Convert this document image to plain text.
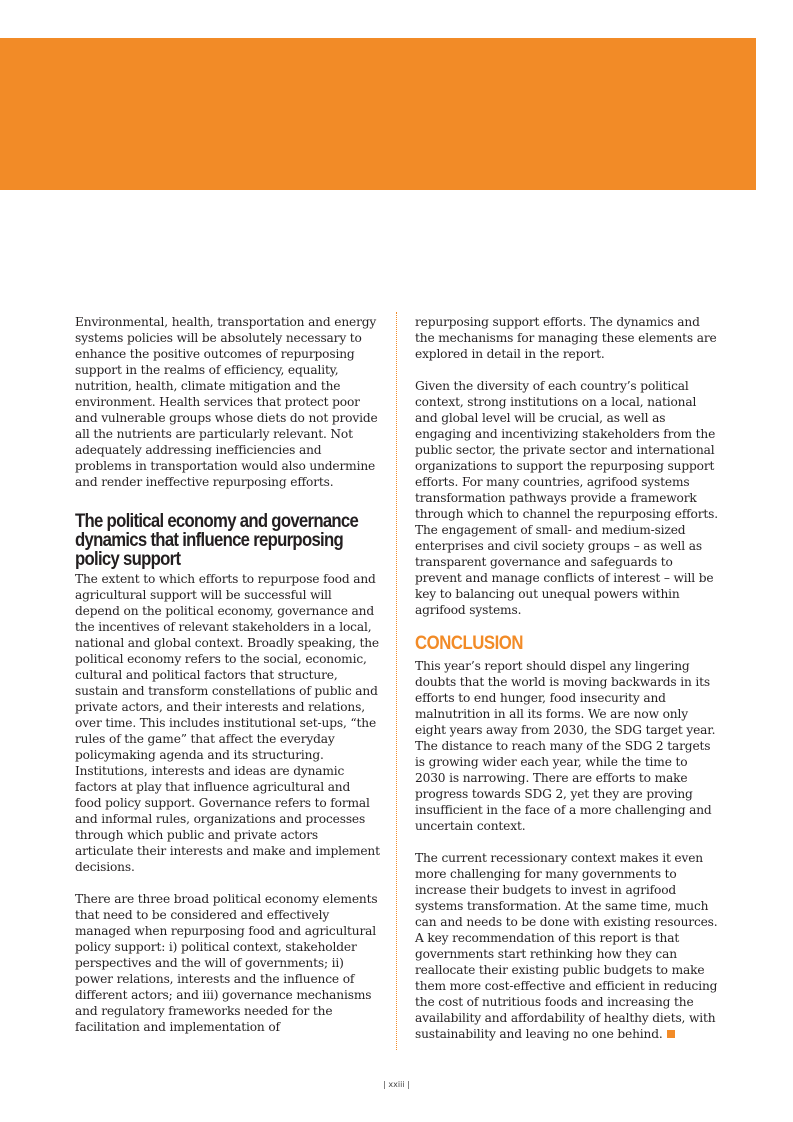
Environmental, health, transportation and energy systems policies will be absolutely necessary to enhance the positive outcomes of repurposing support in the realms of efficiency, equality, nutrition, health, climate mitigation and the environment. Health services that protect poor and vulnerable groups whose diets do not provide all the nutrients are particularly relevant. Not adequately addressing inefficiencies and problems in transportation would also undermine and render ineffective repurposing efforts.

The political economy and governance dynamics that influence repurposing policy support

The extent to which efforts to repurpose food and agricultural support will be successful will depend on the political economy, governance and the incentives of relevant stakeholders in a local, national and global context. Broadly speaking, the political economy refers to the social, economic, cultural and political factors that structure, sustain and transform constellations of public and private actors, and their interests and relations, over time. This includes institutional set-ups, “the rules of the game” that affect the everyday policymaking agenda and its structuring. Institutions, interests and ideas are dynamic factors at play that influence agricultural and food policy support. Governance refers to formal and informal rules, organizations and processes through which public and private actors articulate their interests and make and implement decisions.

There are three broad political economy elements that need to be considered and effectively managed when repurposing food and agricultural policy support: i) political context, stakeholder perspectives and the will of governments; ii) power relations, interests and the influence of different actors; and iii) governance mechanisms and regulatory frameworks needed for the facilitation and implementation of

repurposing support efforts. The dynamics and the mechanisms for managing these elements are explored in detail in the report.

Given the diversity of each country’s political context, strong institutions on a local, national and global level will be crucial, as well as engaging and incentivizing stakeholders from the public sector, the private sector and international organizations to support the repurposing support efforts. For many countries, agrifood systems transformation pathways provide a framework through which to channel the repurposing efforts. The engagement of small- and medium-sized enterprises and civil society groups – as well as transparent governance and safeguards to prevent and manage conflicts of interest – will be key to balancing out unequal powers within agrifood systems.

CONCLUSION

This year’s report should dispel any lingering doubts that the world is moving backwards in its efforts to end hunger, food insecurity and malnutrition in all its forms. We are now only eight years away from 2030, the SDG target year. The distance to reach many of the SDG 2 targets is growing wider each year, while the time to 2030 is narrowing. There are efforts to make progress towards SDG 2, yet they are proving insufficient in the face of a more challenging and uncertain context.

The current recessionary context makes it even more challenging for many governments to increase their budgets to invest in agrifood systems transformation. At the same time, much can and needs to be done with existing resources. A key recommendation of this report is that governments start rethinking how they can reallocate their existing public budgets to make them more cost-effective and efficient in reducing the cost of nutritious foods and increasing the availability and affordability of healthy diets, with sustainability and leaving no one behind.

| xxiii |
